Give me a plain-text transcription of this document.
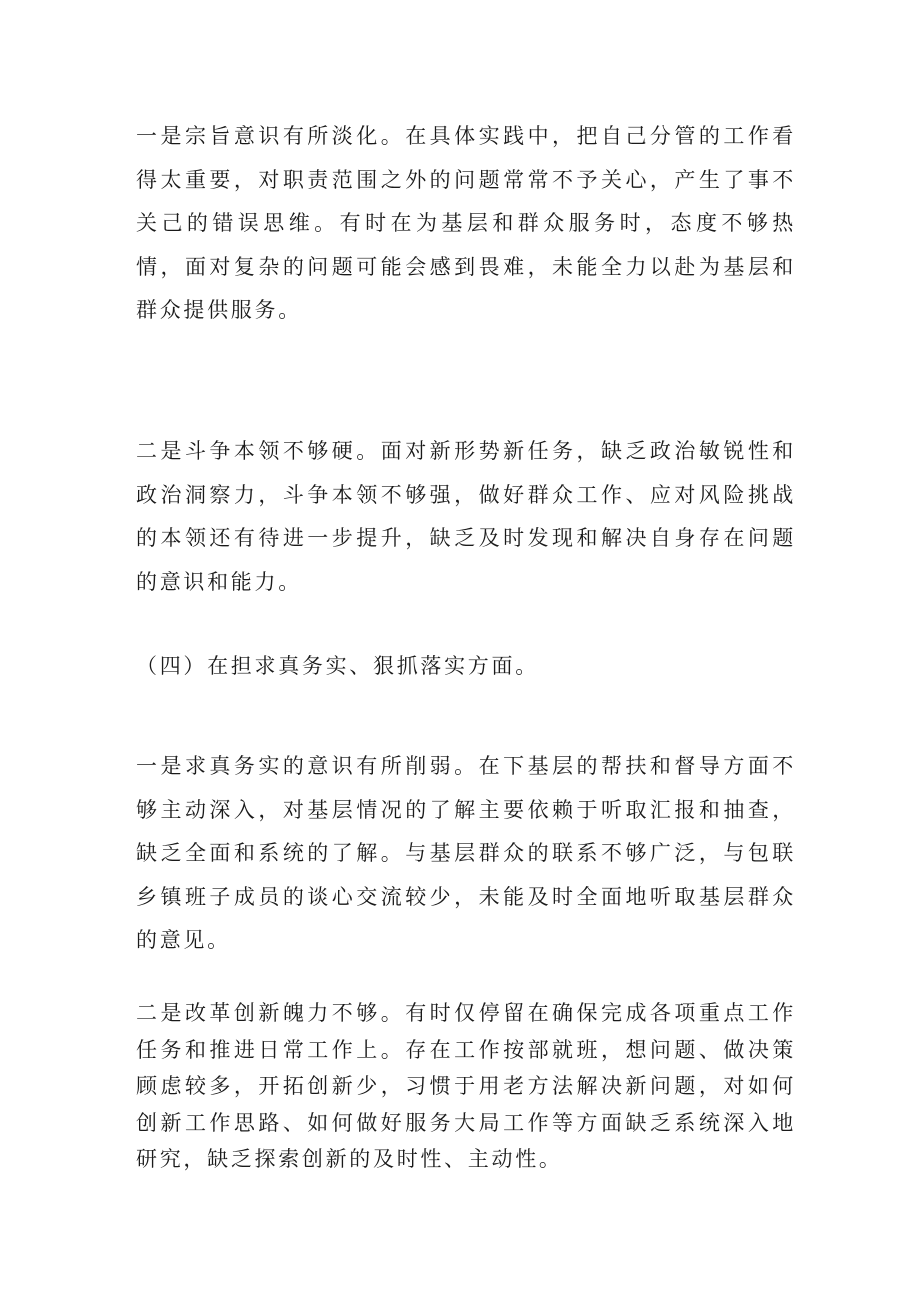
一是宗旨意识有所淡化。在具体实践中，把自己分管的工作看得太重要，对职责范围之外的问题常常不予关心，产生了事不关己的错误思维。有时在为基层和群众服务时，态度不够热情，面对复杂的问题可能会感到畏难，未能全力以赴为基层和群众提供服务。

二是斗争本领不够硬。面对新形势新任务，缺乏政治敏锐性和政治洞察力，斗争本领不够强，做好群众工作、应对风险挑战的本领还有待进一步提升，缺乏及时发现和解决自身存在问题的意识和能力。

（四）在担求真务实、狠抓落实方面。

一是求真务实的意识有所削弱。在下基层的帮扶和督导方面不够主动深入，对基层情况的了解主要依赖于听取汇报和抽查，缺乏全面和系统的了解。与基层群众的联系不够广泛，与包联乡镇班子成员的谈心交流较少，未能及时全面地听取基层群众的意见。

二是改革创新魄力不够。有时仅停留在确保完成各项重点工作任务和推进日常工作上。存在工作按部就班，想问题、做决策顾虑较多，开拓创新少，习惯于用老方法解决新问题，对如何创新工作思路、如何做好服务大局工作等方面缺乏系统深入地研究，缺乏探索创新的及时性、主动性。
